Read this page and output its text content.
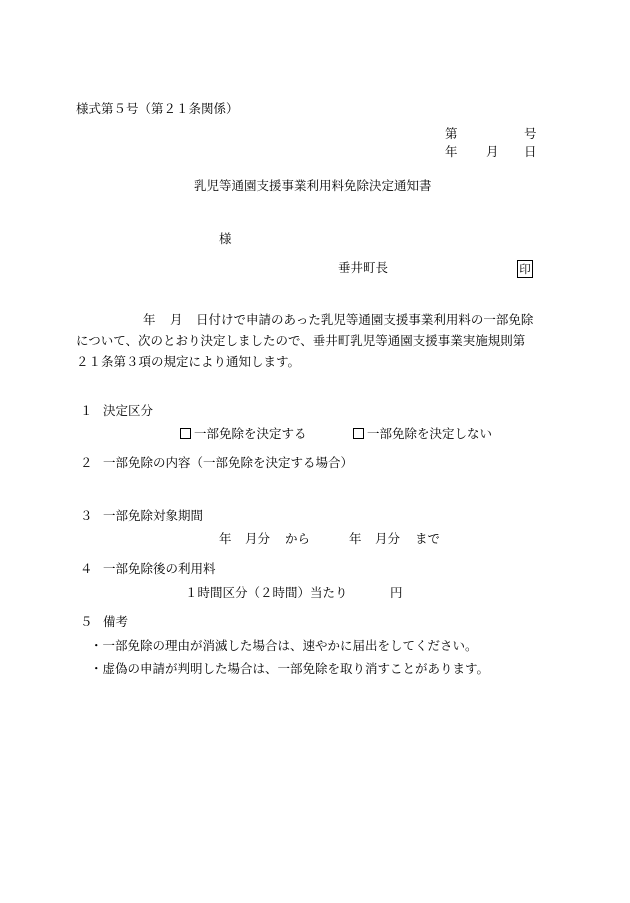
様式第５号（第２１条関係）
第	号
年 月 日
乳児等通園支援事業利用料免除決定通知書
様
垂井町長	印
年 月 日付けで申請のあった乳児等通園支援事業利用料の一部免除
について、次のとおり決定しましたので、垂井町乳児等通園支援事業実施規則第
２１条第３項の規定により通知します。
１ 決定区分
一部免除を決定する	一部免除を決定しない
２ 一部免除の内容（一部免除を決定する場合）
３ 一部免除対象期間
年 月分 から	年 月分 まで
４ 一部免除後の利用料
１時間区分（２時間）当たり	円
５ 備考
・一部免除の理由が消滅した場合は、速やかに届出をしてください。
・虚偽の申請が判明した場合は、一部免除を取り消すことがあります。
